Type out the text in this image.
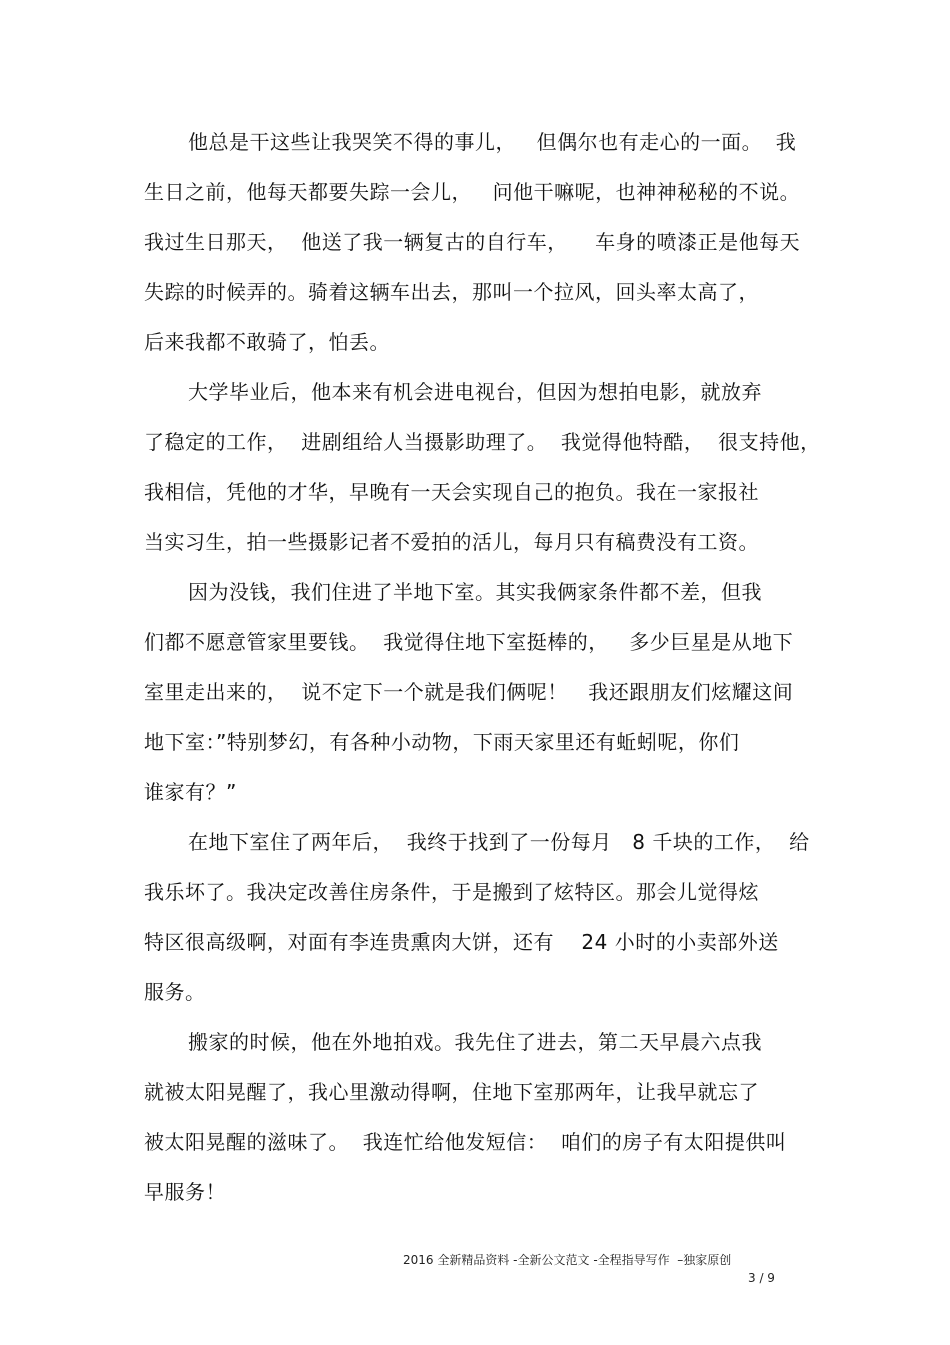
他总是干这些让我哭笑不得的事儿，   但偶尔也有走心的一面。  我
生日之前，他每天都要失踪一会儿，   问他干嘛呢，也神神秘秘的不说。
我过生日那天，  他送了我一辆复古的自行车，    车身的喷漆正是他每天
失踪的时候弄的。骑着这辆车出去，那叫一个拉风，回头率太高了，
后来我都不敢骑了，怕丢。
大学毕业后，他本来有机会进电视台，但因为想拍电影，就放弃
了稳定的工作，  进剧组给人当摄影助理了。  我觉得他特酷，  很支持他，
我相信，凭他的才华，早晚有一天会实现自己的抱负。我在一家报社
当实习生，拍一些摄影记者不爱拍的活儿，每月只有稿费没有工资。
因为没钱，我们住进了半地下室。其实我俩家条件都不差，但我
们都不愿意管家里要钱。  我觉得住地下室挺棒的，   多少巨星是从地下
室里走出来的，  说不定下一个就是我们俩呢！   我还跟朋友们炫耀这间
地下室：”特别梦幻，有各种小动物，下雨天家里还有蚯蚓呢，你们
谁家有？”
在地下室住了两年后，  我终于找到了一份每月   8 千块的工作，  给
我乐坏了。我决定改善住房条件，于是搬到了炫特区。那会儿觉得炫
特区很高级啊，对面有李连贵熏肉大饼，还有    24 小时的小卖部外送
服务。
搬家的时候，他在外地拍戏。我先住了进去，第二天早晨六点我
就被太阳晃醒了，我心里激动得啊，住地下室那两年，让我早就忘了
被太阳晃醒的滋味了。  我连忙给他发短信：  咱们的房子有太阳提供叫
早服务！

2016 全新精品资料 -全新公文范文 -全程指导写作  –独家原创

3 / 9
